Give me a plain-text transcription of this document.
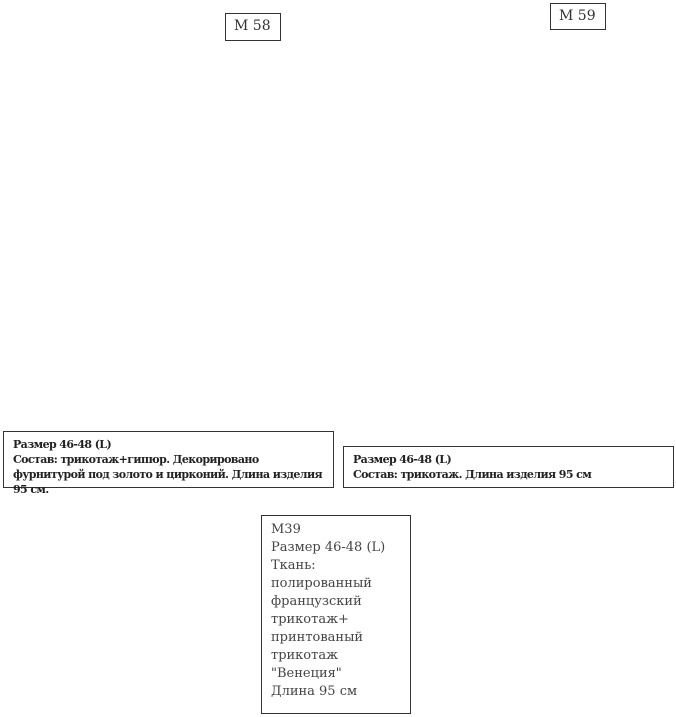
М 58
М 59
Размер 46-48 (L)
Состав: трикотаж+гипюр. Декорировано фурнитурой под золото и цирконий. Длина изделия 95 см.
Размер 46-48 (L)
Состав: трикотаж. Длина изделия 95 см
М39
Размер 46-48 (L)
Ткань:
полированный
французский
трикотаж+
принтованый
трикотаж
"Венеция"
Длина 95 см
